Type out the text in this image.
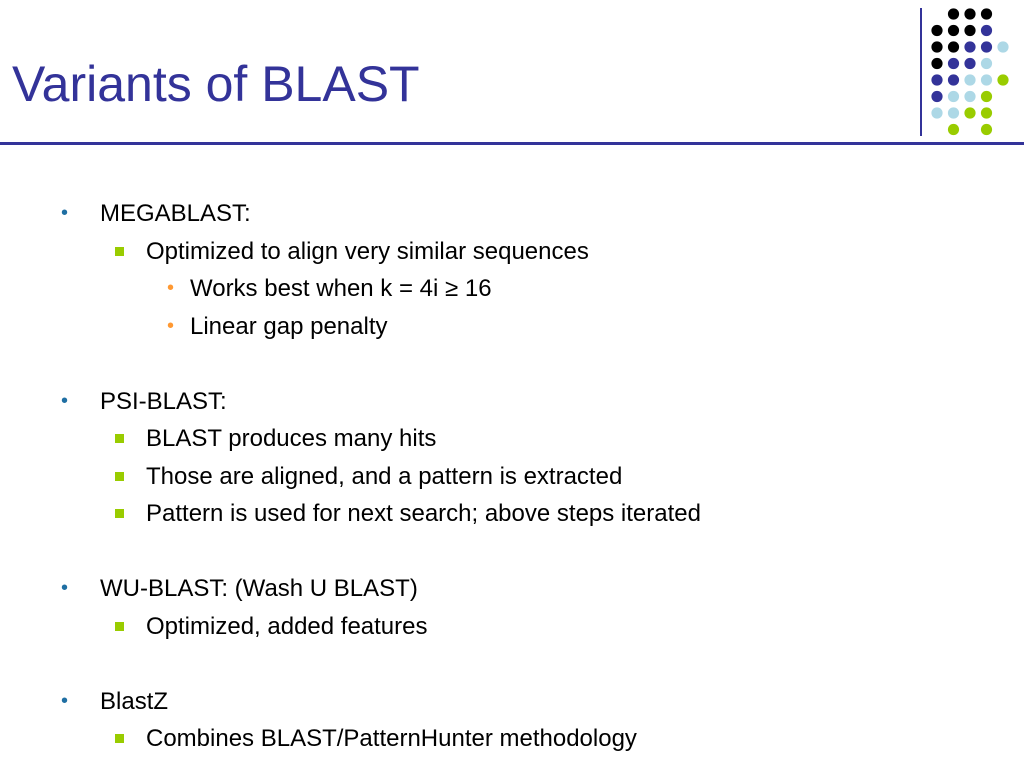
Variants of BLAST
• MEGABLAST:
Optimized to align very similar sequences
• Works best when k = 4i ≥ 16
• Linear gap penalty
• PSI-BLAST:
BLAST produces many hits
Those are aligned, and a pattern is extracted
Pattern is used for next search; above steps iterated
• WU-BLAST: (Wash U BLAST)
Optimized, added features
• BlastZ
Combines BLAST/PatternHunter methodology
